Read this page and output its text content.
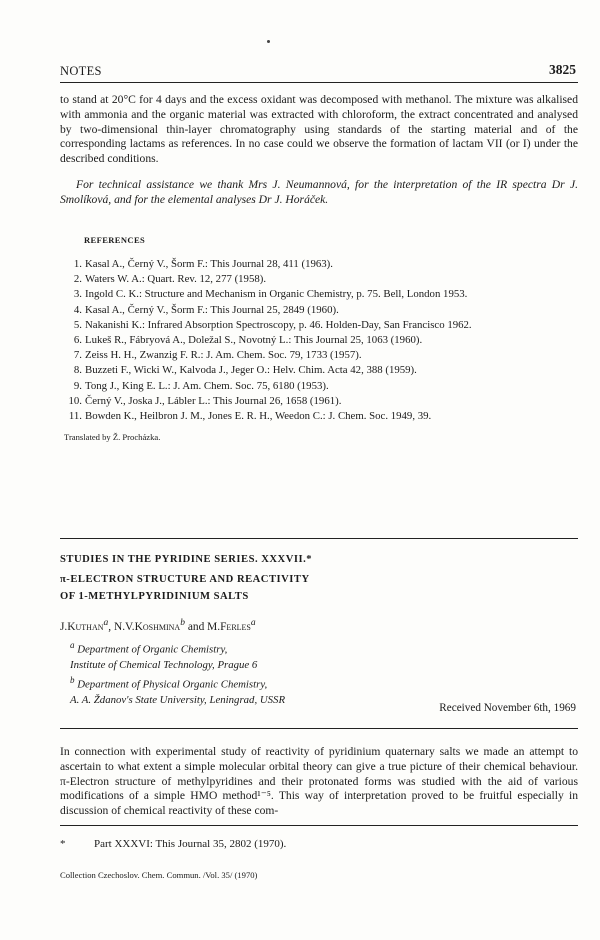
NOTES	3825

to stand at 20°C for 4 days and the excess oxidant was decomposed with methanol. The mixture was alkalised with ammonia and the organic material was extracted with chloroform, the extract concentrated and analysed by two-dimensional thin-layer chromatography using standards of the starting material and of the corresponding lactams as references. In no case could we observe the formation of lactam VII (or I) under the described conditions.

For technical assistance we thank Mrs J. Neumannová, for the interpretation of the IR spectra Dr J. Smolíková, and for the elemental analyses Dr J. Horáček.

REFERENCES
1. Kasal A., Černý V., Šorm F.: This Journal 28, 411 (1963).
2. Waters W. A.: Quart. Rev. 12, 277 (1958).
3. Ingold C. K.: Structure and Mechanism in Organic Chemistry, p. 75. Bell, London 1953.
4. Kasal A., Černý V., Šorm F.: This Journal 25, 2849 (1960).
5. Nakanishi K.: Infrared Absorption Spectroscopy, p. 46. Holden-Day, San Francisco 1962.
6. Lukeš R., Fábryová A., Doležal S., Novotný L.: This Journal 25, 1063 (1960).
7. Zeiss H. H., Zwanzig F. R.: J. Am. Chem. Soc. 79, 1733 (1957).
8. Buzzeti F., Wicki W., Kalvoda J., Jeger O.: Helv. Chim. Acta 42, 388 (1959).
9. Tong J., King E. L.: J. Am. Chem. Soc. 75, 6180 (1953).
10. Černý V., Joska J., Lábler L.: This Journal 26, 1658 (1961).
11. Bowden K., Heilbron J. M., Jones E. R. H., Weedon C.: J. Chem. Soc. 1949, 39.
Translated by Ž. Procházka.
STUDIES IN THE PYRIDINE SERIES. XXXVII.*
π-ELECTRON STRUCTURE AND REACTIVITY
OF 1-METHYLPYRIDINIUM SALTS
J.Kuthan$^a$, N.V.Koshmina$^b$ and M.Ferles$^a$
$^a$ Department of Organic Chemistry,
Institute of Chemical Technology, Prague 6
$^b$ Department of Physical Organic Chemistry,
A. A. Ždanov's State University, Leningrad, USSR
Received November 6th, 1969

In connection with experimental study of reactivity of pyridinium quaternary salts we made an attempt to ascertain to what extent a simple molecular orbital theory can give a true picture of their chemical behaviour. π-Electron structure of methylpyridines and their protonated forms was studied with the aid of various modifications of a simple HMO method¹⁻⁵. This way of interpretation proved to be fruitful especially in discussion of chemical reactivity of these com-

*	Part XXXVI: This Journal 35, 2802 (1970).
Collection Czechoslov. Chem. Commun. /Vol. 35/ (1970)
